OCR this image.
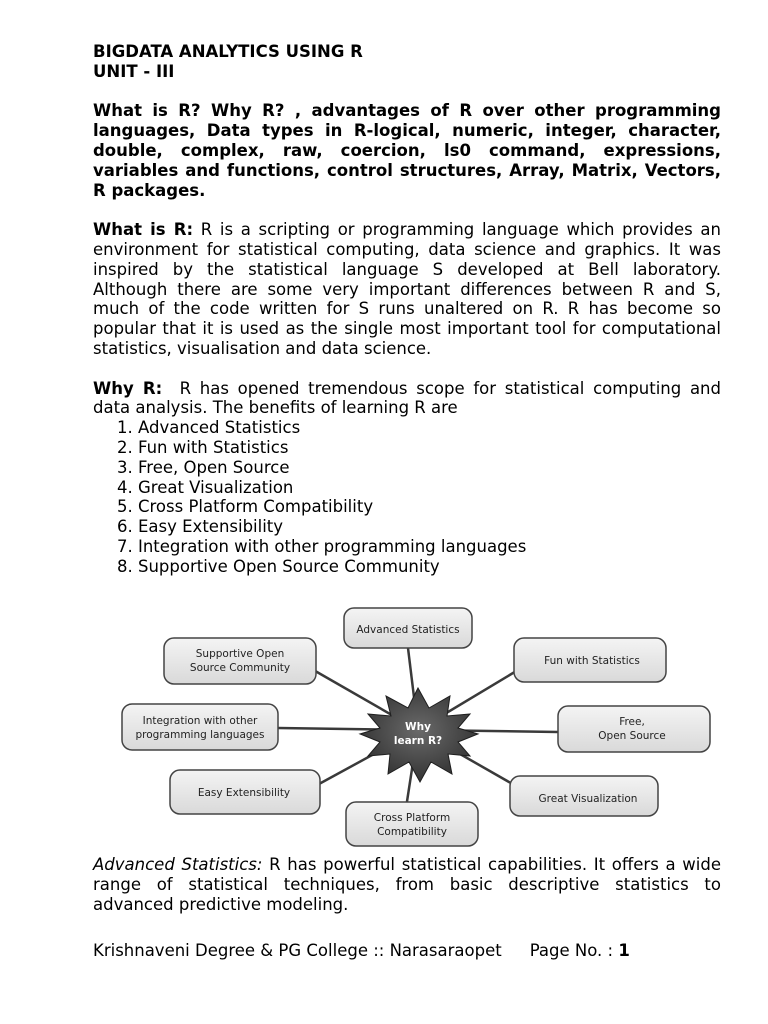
BIGDATA ANALYTICS USING R
UNIT - III

What is R? Why R? , advantages of R over other programming languages, Data types in R-logical, numeric, integer, character, double, complex, raw, coercion, ls0 command, expressions, variables and functions, control structures, Array, Matrix, Vectors, R packages.

What is R: R is a scripting or programming language which provides an environment for statistical computing, data science and graphics. It was inspired by the statistical language S developed at Bell laboratory. Although there are some very important differences between R and S, much of the code written for S runs unaltered on R. R has become so popular that it is used as the single most important tool for computational statistics, visualisation and data science.

Why R:  R has opened tremendous scope for statistical computing and data analysis. The benefits of learning R are

1. Advanced Statistics
2. Fun with Statistics
3. Free, Open Source
4. Great Visualization
5. Cross Platform Compatibility
6. Easy Extensibility
7. Integration with other programming languages
8. Supportive Open Source Community
Advanced Statistics
Fun with Statistics
Free,
Open Source
Great Visualization
Cross Platform
Compatibility
Easy Extensibility
Integration with other
programming languages
Supportive Open
Source Community
Why
learn R?

Advanced Statistics: R has powerful statistical capabilities. It offers a wide range of statistical techniques, from basic descriptive statistics to advanced predictive modeling.

Krishnaveni Degree & PG College :: Narasaraopet Page No. : 1
